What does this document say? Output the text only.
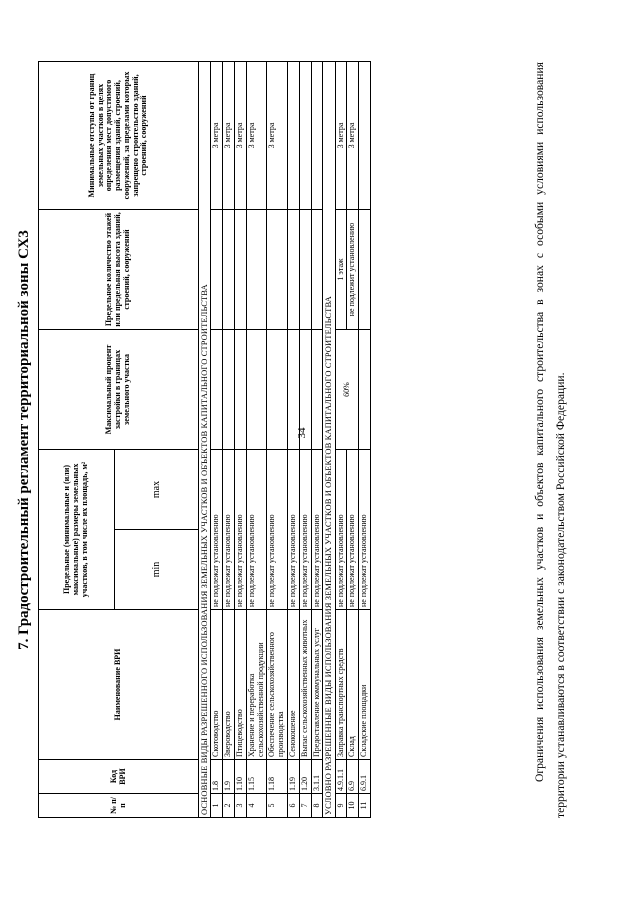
34
7. Градостроительный регламент территориальной зоны СХ3
№ п/п	Код ВРИ	Наименование ВРИ	Предельные (минимальные и (или) максимальные) размеры земельных участков, в том числе их площадь, м²		Максимальный процент застройки в границах земельного участка	Предельное количество этажей или предельная высота зданий, строений, сооружений	Минимальные отступы от границ земельных участков в целях определения мест допустимого размещения зданий, строений, сооружений, за пределами которых запрещено строительство зданий, строений, сооружений
			min	max			
ОСНОВНЫЕ ВИДЫ РАЗРЕШЕННОГО ИСПОЛЬЗОВАНИЯ ЗЕМЕЛЬНЫХ УЧАСТКОВ И ОБЪЕКТОВ КАПИТАЛЬНОГО СТРОИТЕЛЬСТВА							
1	1.8	Скотоводство	не подлежат установлению				3 метра
2	1.9	Звероводство	не подлежат установлению				3 метра
3	1.10	Птицеводство	не подлежат установлению				3 метра
4	1.15	Хранение и переработка сельскохозяйственной продукции	не подлежат установлению				3 метра
5	1.18	Обеспечение сельскохозяйственного производства	не подлежат установлению				3 метра
6	1.19	Сенокошение	не подлежат установлению				
7	1.20	Выпас сельскохозяйственных животных	не подлежат установлению				
8	3.1.1	Предоставление коммунальных услуг	не подлежат установлению				
УСЛОВНО РАЗРЕШЕННЫЕ ВИДЫ ИСПОЛЬЗОВАНИЯ ЗЕМЕЛЬНЫХ УЧАСТКОВ И ОБЪЕКТОВ КАПИТАЛЬНОГО СТРОИТЕЛЬСТВА							
9	4.9.1.1	Заправка транспортных средств	не подлежат установлению		60%	1 этаж	3 метра
10	6.9	Склад	не подлежат установлению			не подлежит установлению	3 метра
11	6.9.1	Складские площадки	не подлежат установлению					Ограничения использования земельных участков и объектов капитального строительства в зонах с особыми условиями использования территории устанавливаются в соответствии с законодательством Российской Федерации.
